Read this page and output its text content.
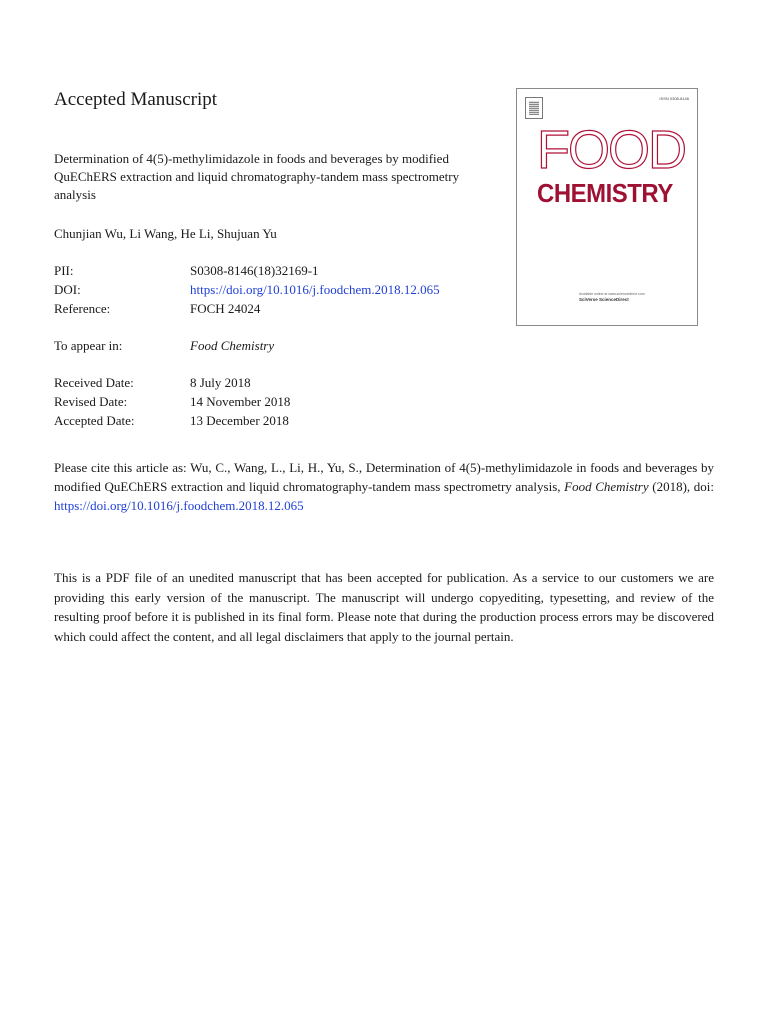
Accepted Manuscript
Determination of 4(5)-methylimidazole in foods and beverages by modified QuEChERS extraction and liquid chromatography-tandem mass spectrometry analysis
Chunjian Wu, Li Wang, He Li, Shujuan Yu
PII:	S0308-8146(18)32169-1
DOI:	https://doi.org/10.1016/j.foodchem.2018.12.065
Reference:	FOCH 24024
To appear in:	Food Chemistry
Received Date:	8 July 2018
Revised Date:	14 November 2018
Accepted Date:	13 December 2018
Please cite this article as: Wu, C., Wang, L., Li, H., Yu, S., Determination of 4(5)-methylimidazole in foods and beverages by modified QuEChERS extraction and liquid chromatography-tandem mass spectrometry analysis, Food Chemistry (2018), doi: https://doi.org/10.1016/j.foodchem.2018.12.065
This is a PDF file of an unedited manuscript that has been accepted for publication. As a service to our customers we are providing this early version of the manuscript. The manuscript will undergo copyediting, typesetting, and review of the resulting proof before it is published in its final form. Please note that during the production process errors may be discovered which could affect the content, and all legal disclaimers that apply to the journal pertain.
ISSN 0308-8146
FOOD
CHEMISTRY
Available online at www.sciencedirect.com
SciVerse ScienceDirect
